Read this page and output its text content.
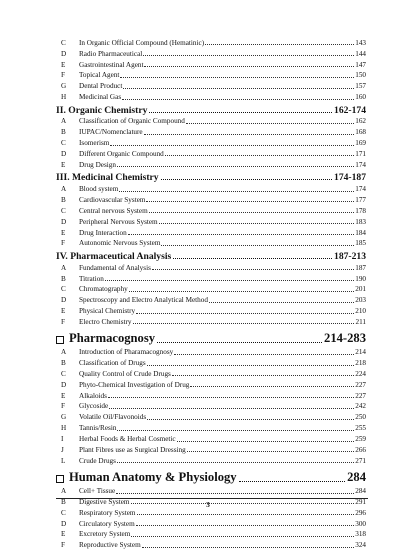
C	In Organic Official Compound (Hematinic)	143
D	Radio Pharmaceutical	144
E	Gastrointestinal Agent	147
F	Topical Agent	150
G	Dental Product	157
H	Medicinal Gas	160
II. Organic Chemistry	162-174
A	Classification of Organic Compound	162
B	IUPAC/Nomenclature	168
C	Isomerism	169
D	Different Organic Compound	171
E	Drug Design	174
III. Medicinal Chemistry	174-187
A	Blood system	174
B	Cardiovascular System	177
C	Central nervous System	178
D	Peripheral Nervous System	183
E	Drug Interaction	184
F	Autonomic Nervous System	185
IV. Pharmaceutical Analysis	187-213
A	Fundamental of Analysis	187
B	Titration	190
C	Chromatography	201
D	Spectroscopy and Electro Analytical Method	203
E	Physical Chemistry	210
F	Electro Chemistry	211
Pharmacognosy	214-283
A	Introduction of Pharamacognosy	214
B	Classification of Drugs	218
C	Quality Control of Crude Drugs	224
D	Phyto-Chemical Investigation of Drug	227
E	Alkaloids	227
F	Glycoside	242
G	Volatile Oil/Flavonoids	250
H	Tannis/Resin	255
I	Herbal Foods & Herbal Cosmetic	259
J	Plant Fibres use as Surgical Dressing	266
L	Crude Drugs	271
Human Anatomy & Physiology	284
A	Cell+ Tissue	284
B	Digestive System	291
C	Respiratory System	296
D	Circulatory System	300
E	Excretory System	318
F	Reproductive System	324
3
